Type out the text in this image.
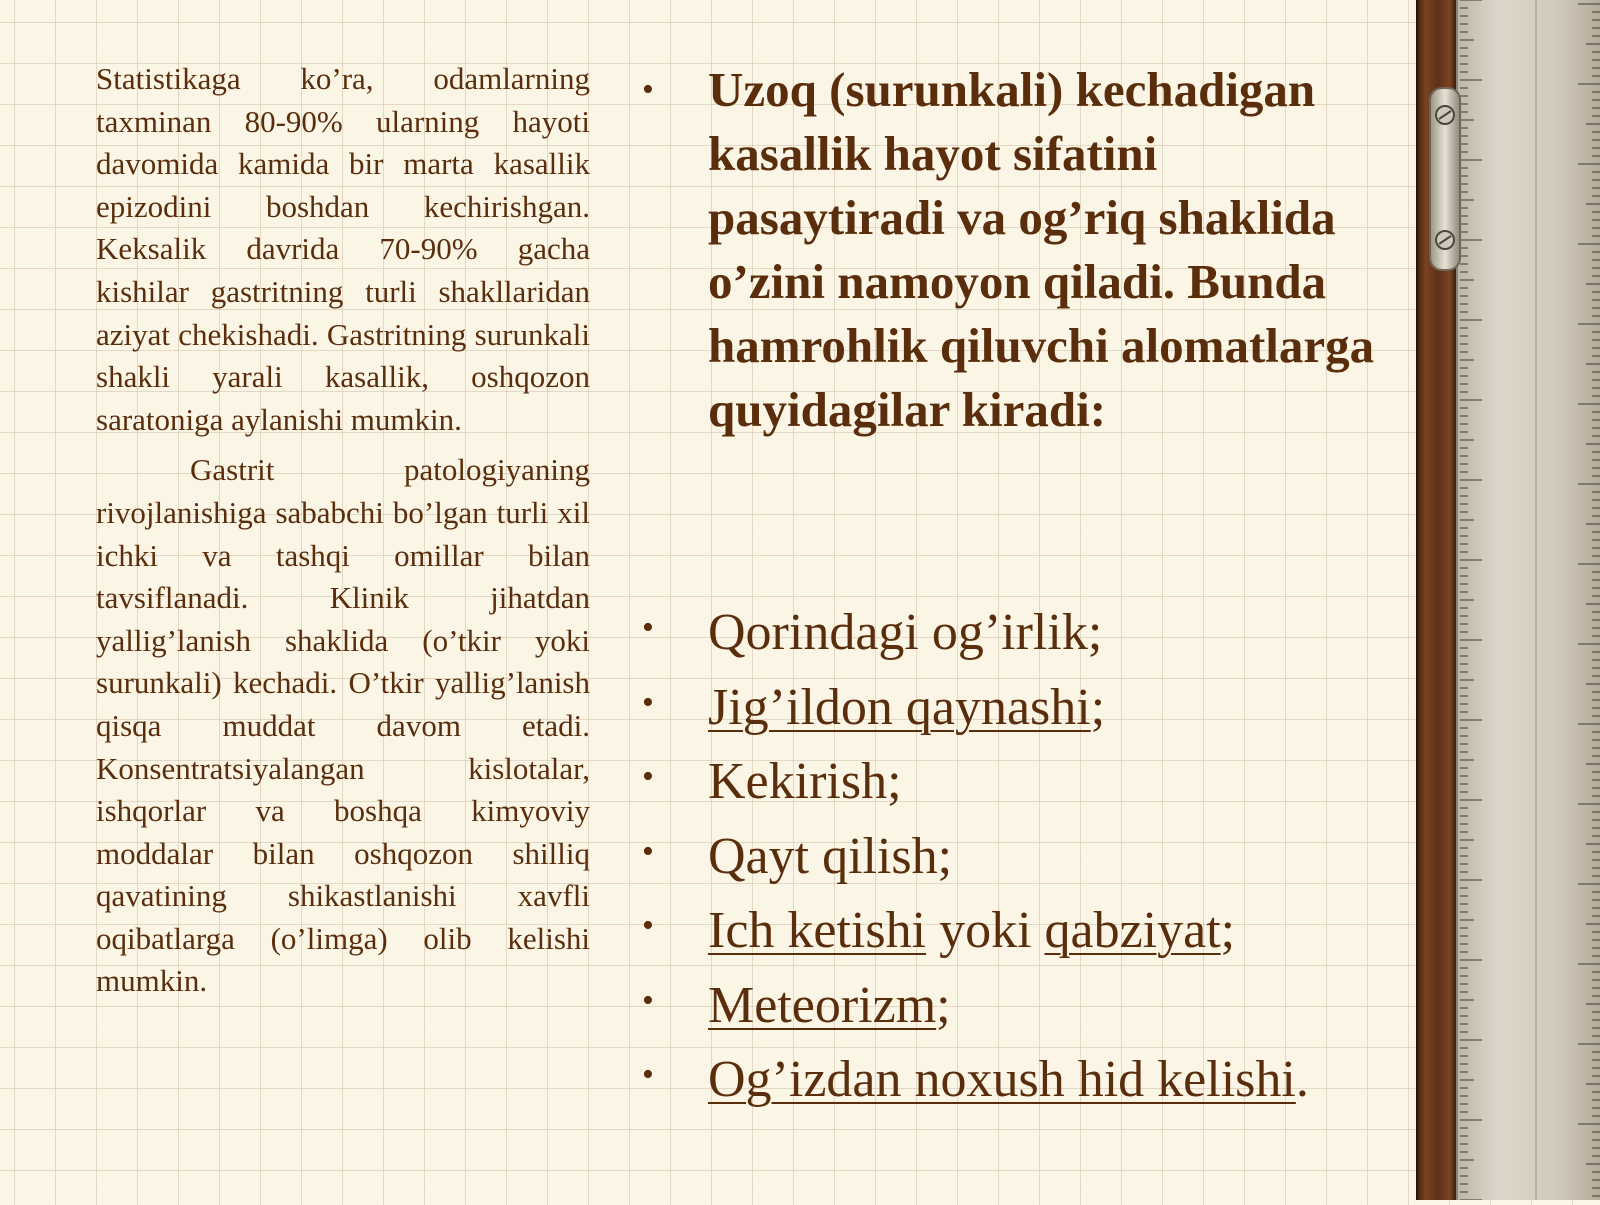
Statistikaga ko’ra, odamlarning taxminan 80-90% ularning hayoti davomida kamida bir marta kasallik epizodini boshdan kechirishgan. Keksalik davrida 70-90% gacha kishilar gastritning turli shakllaridan aziyat chekishadi. Gastritning surunkali shakli yarali kasallik, oshqozon saratoniga aylanishi mumkin.

Gastrit patologiyaning rivojlanishiga sababchi bo’lgan turli xil ichki va tashqi omillar bilan tavsiflanadi. Klinik jihatdan yallig’lanish shaklida (o’tkir yoki surunkali) kechadi. O’tkir yallig’lanish qisqa muddat davom etadi. Konsentratsiyalangan kislotalar, ishqorlar va boshqa kimyoviy moddalar bilan oshqozon shilliq qavatining shikastlanishi xavfli oqibatlarga (o’limga) olib kelishi mumkin.

•	Uzoq (surunkali) kechadigan kasallik hayot sifatini pasaytiradi va og’riq shaklida o’zini namoyon qiladi. Bunda hamrohlik qiluvchi alomatlarga quyidagilar kiradi:

•	Qorindagi og’irlik;
•	Jig’ildon qaynashi;
•	Kekirish;
•	Qayt qilish;
•	Ich ketishi yoki qabziyat;
•	Meteorizm;
•	Og’izdan noxush hid kelishi.
